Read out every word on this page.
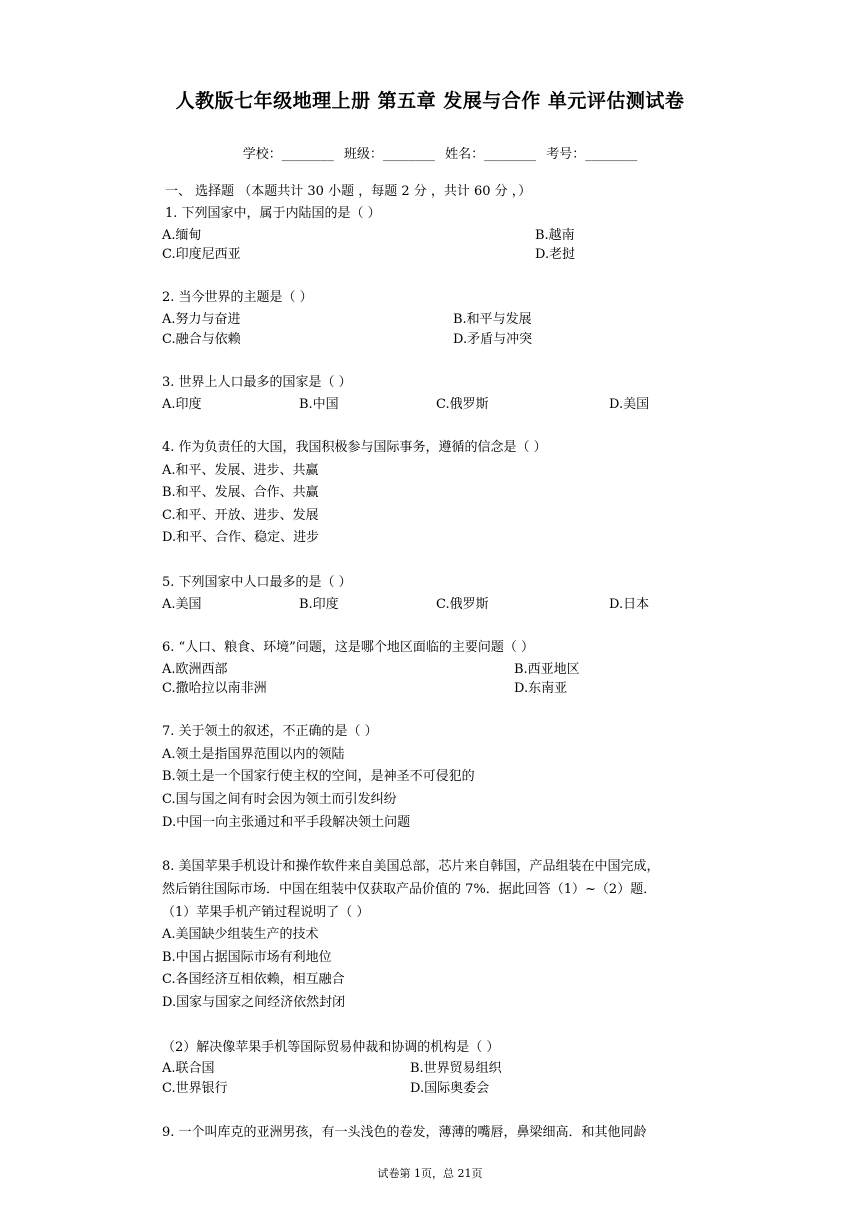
人教版七年级地理上册 第五章 发展与合作 单元评估测试卷
学校：________ 班级：________ 姓名：________ 考号：________
一、 选择题 （本题共计 30 小题 ，每题 2 分 ，共计 60 分 ，）
1. 下列国家中，属于内陆国的是（ ）
A.缅甸	B.越南
C.印度尼西亚	D.老挝
2. 当今世界的主题是（ ）
A.努力与奋进	B.和平与发展
C.融合与依赖	D.矛盾与冲突
3. 世界上人口最多的国家是（ ）
A.印度	B.中国	C.俄罗斯	D.美国
4. 作为负责任的大国，我国积极参与国际事务，遵循的信念是（ ）
A.和平、发展、进步、共赢
B.和平、发展、合作、共赢
C.和平、开放、进步、发展
D.和平、合作、稳定、进步
5. 下列国家中人口最多的是（ ）
A.美国	B.印度	C.俄罗斯	D.日本
6. “人口、粮食、环境”问题，这是哪个地区面临的主要问题（ ）
A.欧洲西部	B.西亚地区
C.撒哈拉以南非洲	D.东南亚
7. 关于领土的叙述，不正确的是（ ）
A.领土是指国界范围以内的领陆
B.领土是一个国家行使主权的空间，是神圣不可侵犯的
C.国与国之间有时会因为领土而引发纠纷
D.中国一向主张通过和平手段解决领土问题
8. 美国苹果手机设计和操作软件来自美国总部，芯片来自韩国，产品组装在中国完成，
然后销往国际市场．中国在组装中仅获取产品价值的 7%．据此回答（1）~（2）题．
（1）苹果手机产销过程说明了（ ）
A.美国缺少组装生产的技术
B.中国占据国际市场有利地位
C.各国经济互相依赖，相互融合
D.国家与国家之间经济依然封闭
（2）解决像苹果手机等国际贸易仲裁和协调的机构是（ ）
A.联合国	B.世界贸易组织
C.世界银行	D.国际奥委会
9. 一个叫库克的亚洲男孩，有一头浅色的卷发，薄薄的嘴唇，鼻梁细高．和其他同龄
试卷第 1页，总 21页
